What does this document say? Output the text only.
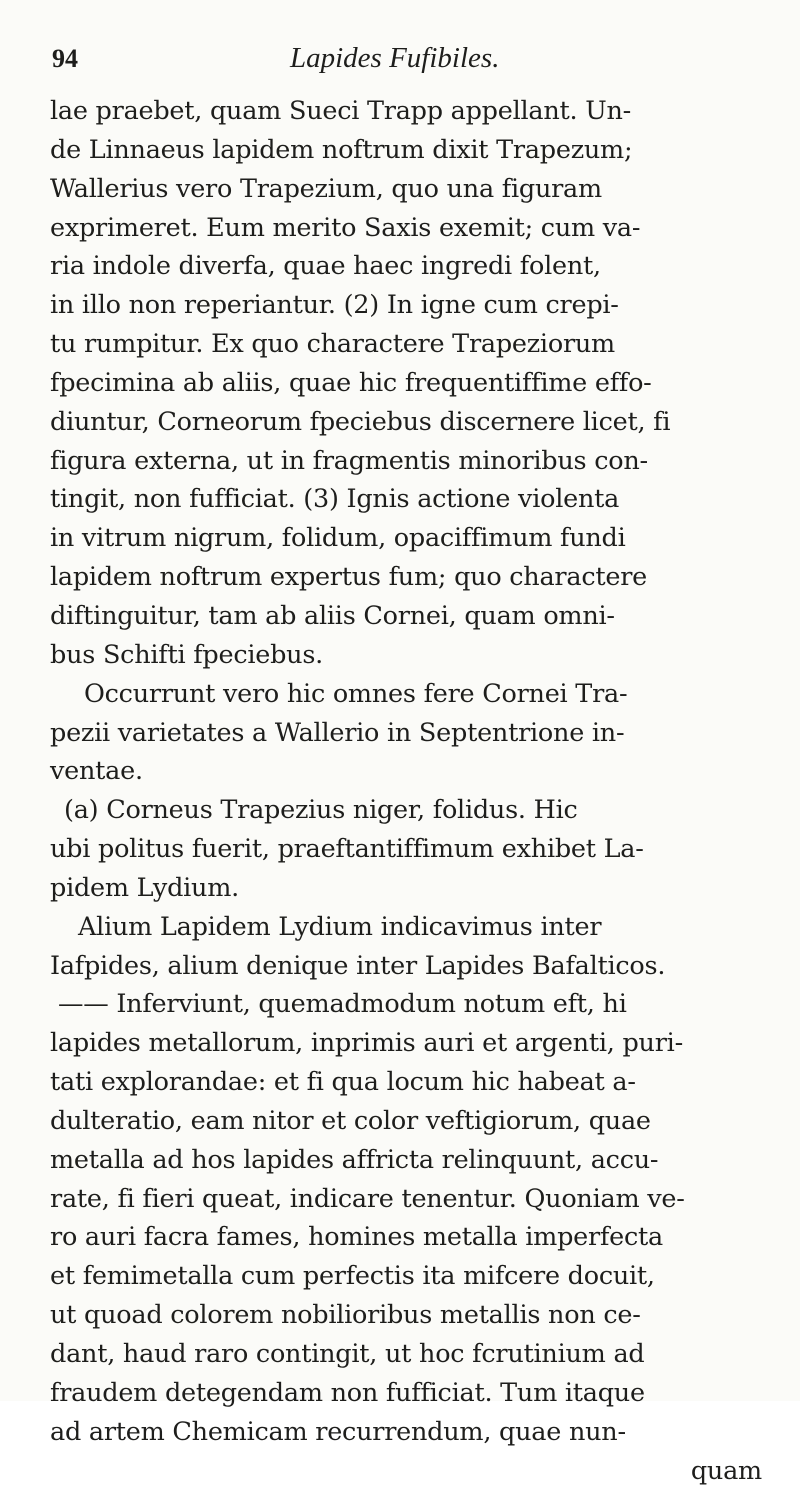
94	Lapides Fufibiles.
lae praebet, quam Sueci Trapp appellant. Un-
de Linnaeus lapidem noftrum dixit Trapezum;
Wallerius vero Trapezium, quo una figuram
exprimeret. Eum merito Saxis exemit; cum va-
ria indole diverfa, quae haec ingredi folent,
in illo non reperiantur. (2) In igne cum crepi-
tu rumpitur. Ex quo charactere Trapeziorum
fpecimina ab aliis, quae hic frequentiffime effo-
diuntur, Corneorum fpeciebus discernere licet, fi
figura externa, ut in fragmentis minoribus con-
tingit, non fufficiat. (3) Ignis actione violenta
in vitrum nigrum, folidum, opaciffimum fundi
lapidem noftrum expertus fum; quo charactere
diftinguitur, tam ab aliis Cornei, quam omni-
bus Schifti fpeciebus.
Occurrunt vero hic omnes fere Cornei Tra-
pezii varietates a Wallerio in Septentrione in-
ventae.
(a) Corneus Trapezius niger, folidus. Hic
ubi politus fuerit, praeftantiffimum exhibet La-
pidem Lydium.
Alium Lapidem Lydium indicavimus inter
Iafpides, alium denique inter Lapides Bafalticos.
—— Inferviunt, quemadmodum notum eft, hi
lapides metallorum, inprimis auri et argenti, puri-
tati explorandae: et fi qua locum hic habeat a-
dulteratio, eam nitor et color veftigiorum, quae
metalla ad hos lapides affricta relinquunt, accu-
rate, fi fieri queat, indicare tenentur. Quoniam ve-
ro auri facra fames, homines metalla imperfecta
et femimetalla cum perfectis ita mifcere docuit,
ut quoad colorem nobilioribus metallis non ce-
dant, haud raro contingit, ut hoc fcrutinium ad
fraudem detegendam non fufficiat. Tum itaque
ad artem Chemicam recurrendum, quae nun-
quam
